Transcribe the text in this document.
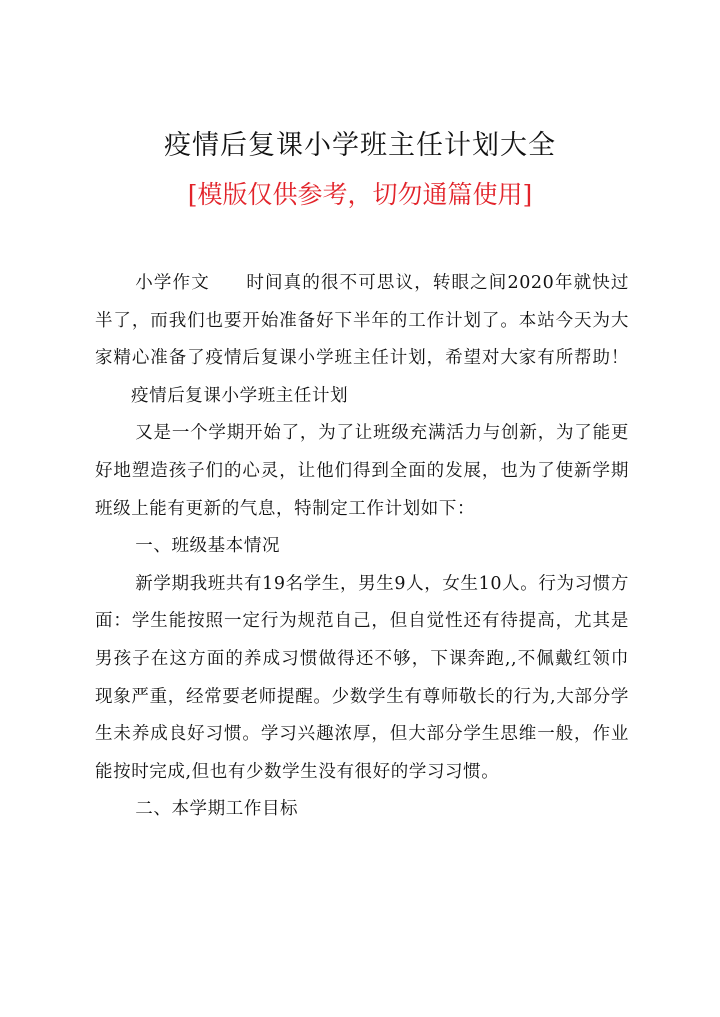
疫情后复课小学班主任计划大全
[模版仅供参考，切勿通篇使用]

小学作文 时间真的很不可思议，转眼之间2020年就快过半了，而我们也要开始准备好下半年的工作计划了。本站今天为大家精心准备了疫情后复课小学班主任计划，希望对大家有所帮助！疫情后复课小学班主任计划

又是一个学期开始了，为了让班级充满活力与创新，为了能更好地塑造孩子们的心灵，让他们得到全面的发展，也为了使新学期班级上能有更新的气息，特制定工作计划如下：

一、班级基本情况

新学期我班共有19名学生，男生9人，女生10人。行为习惯方面：学生能按照一定行为规范自己，但自觉性还有待提高，尤其是男孩子在这方面的养成习惯做得还不够，下课奔跑,,不佩戴红领巾现象严重，经常要老师提醒。少数学生有尊师敬长的行为,大部分学生未养成良好习惯。学习兴趣浓厚，但大部分学生思维一般，作业能按时完成,但也有少数学生没有很好的学习习惯。

二、本学期工作目标
